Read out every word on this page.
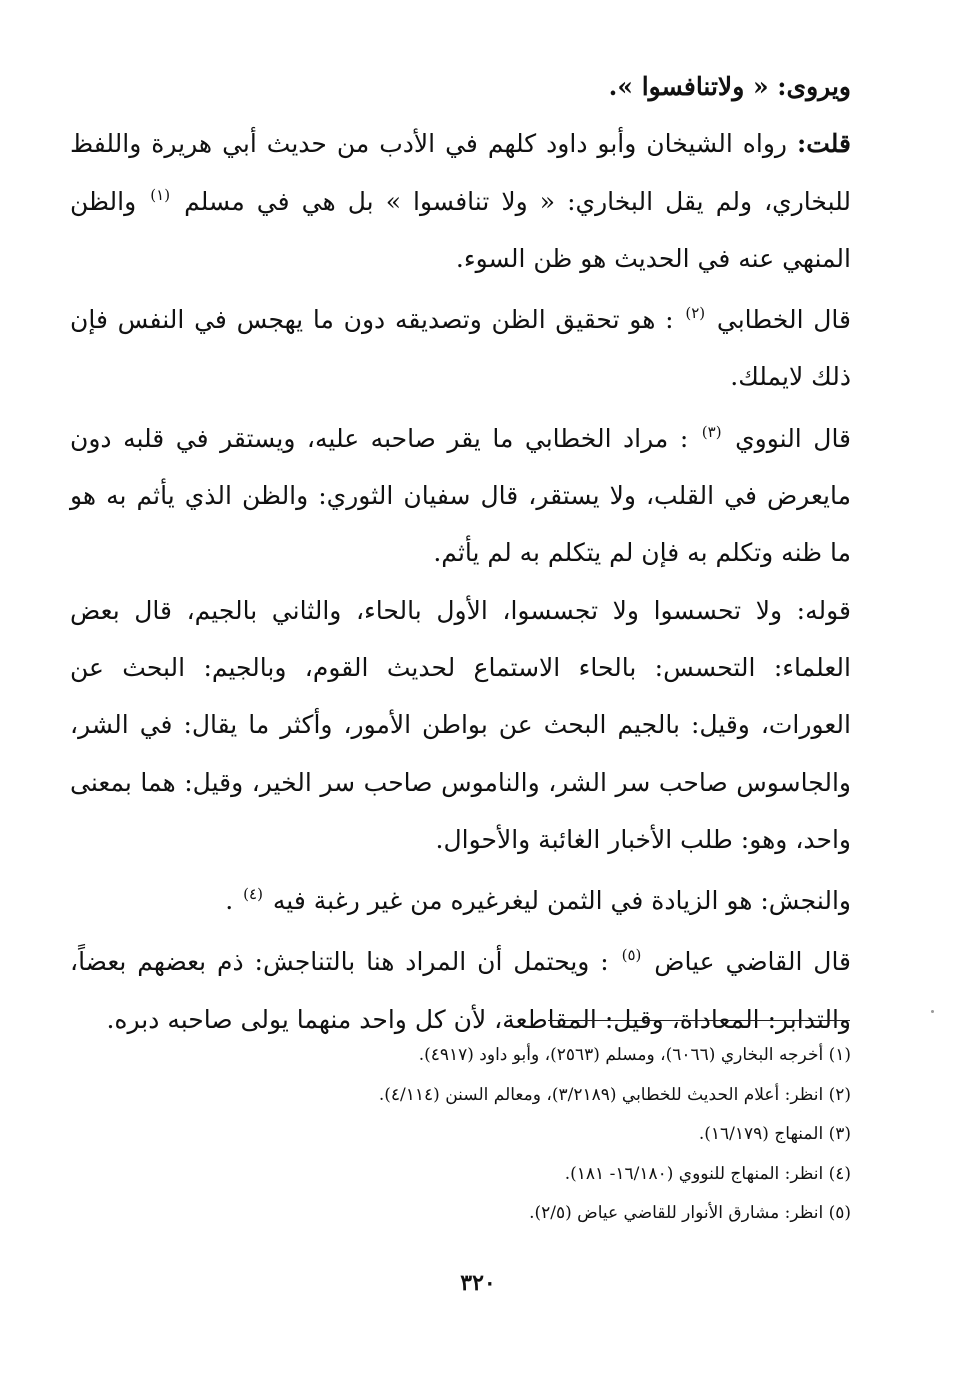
ويروى: « ولاتنافسوا ».

قلت: رواه الشيخان وأبو داود كلهم في الأدب من حديث أبي هريرة واللفظ للبخاري، ولم يقل البخاري: « ولا تنافسوا » بل هي في مسلم $^{(١)}$ والظن المنهي عنه في الحديث هو ظن السوء.

قال الخطابي $^{(٢)}$ : هو تحقيق الظن وتصديقه دون ما يهجس في النفس فإن ذلك لايملك.

قال النووي $^{(٣)}$ : مراد الخطابي ما يقر صاحبه عليه، ويستقر في قلبه دون مايعرض في القلب، ولا يستقر، قال سفيان الثوري: والظن الذي يأثم به هو ما ظنه وتكلم به فإن لم يتكلم به لم يأثم.

قوله: ولا تحسسوا ولا تجسسوا، الأول بالحاء، والثاني بالجيم، قال بعض العلماء: التحسس: بالحاء الاستماع لحديث القوم، وبالجيم: البحث عن العورات، وقيل: بالجيم البحث عن بواطن الأمور، وأكثر ما يقال: في الشر، والجاسوس صاحب سر الشر، والناموس صاحب سر الخير، وقيل: هما بمعنى واحد، وهو: طلب الأخبار الغائبة والأحوال.

والنجش: هو الزيادة في الثمن ليغرغيره من غير رغبة فيه $^{(٤)}$ .

قال القاضي عياض $^{(٥)}$ : ويحتمل أن المراد هنا بالتناجش: ذم بعضهم بعضاً، والتدابر: المعاداة، وقيل: المقاطعة، لأن كل واحد منهما يولى صاحبه دبره.

(١) أخرجه البخاري (٦٠٦٦)، ومسلم (٢٥٦٣)، وأبو داود (٤٩١٧).

(٢) انظر: أعلام الحديث للخطابي (٣/٢١٨٩)، ومعالم السنن (٤/١١٤).

(٣) المنهاج (١٦/١٧٩).

(٤) انظر: المنهاج للنووي (١٦/١٨٠- ١٨١).

(٥) انظر: مشارق الأنوار للقاضي عياض (٢/٥).

٣٢٠
